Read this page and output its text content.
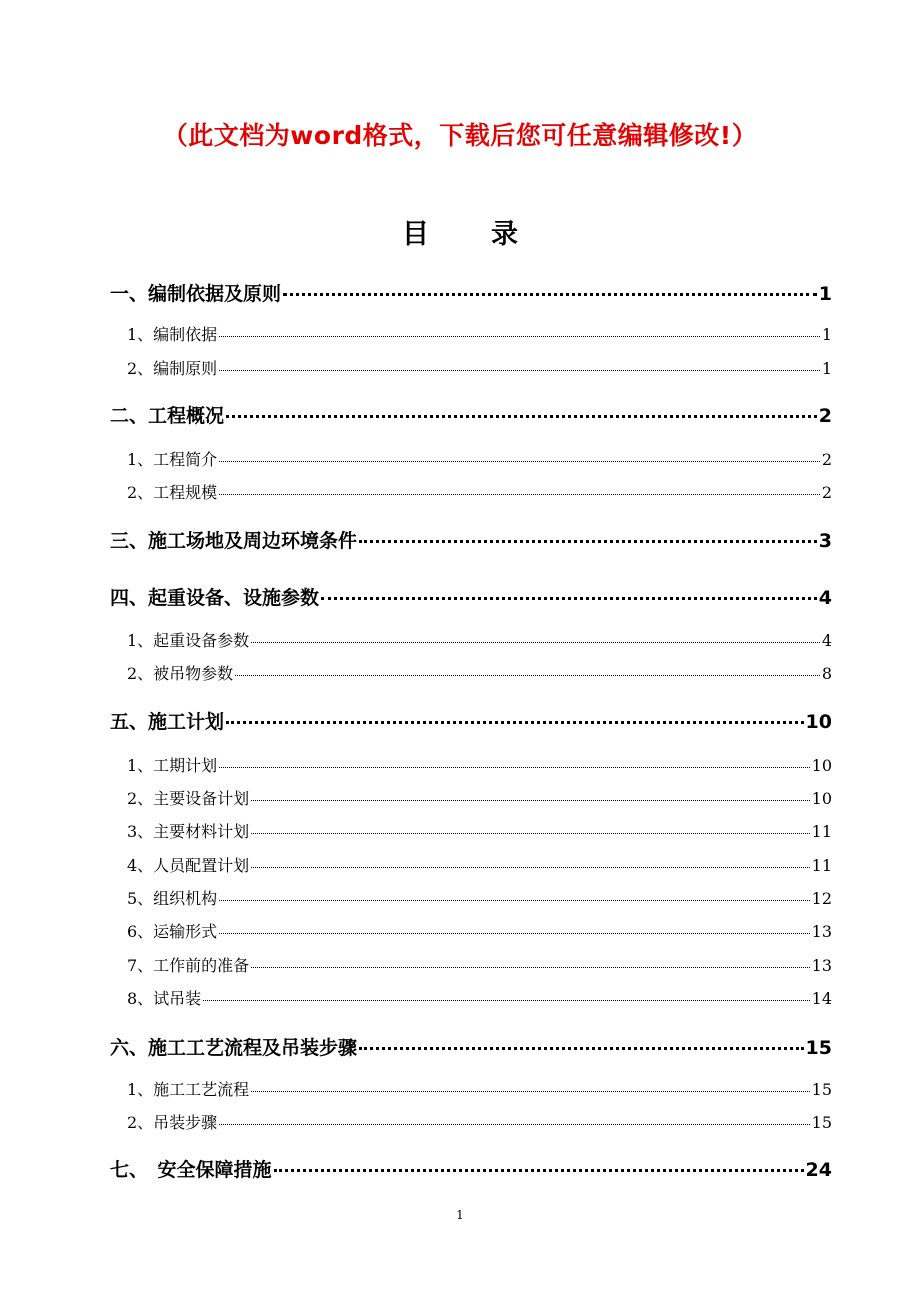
（此文档为word格式，下载后您可任意编辑修改!）
目录
一、编制依据及原则	1
1、编制依据	1
2、编制原则	1
二、工程概况	2
1、工程简介	2
2、工程规模	2
三、施工场地及周边环境条件	3
四、起重设备、设施参数	4
1、起重设备参数	4
2、被吊物参数	8
五、施工计划	10
1、工期计划	10
2、主要设备计划	10
3、主要材料计划	11
4、人员配置计划	11
5、组织机构	12
6、运输形式	13
7、工作前的准备	13
8、试吊装	14
六、施工工艺流程及吊装步骤	15
1、施工工艺流程	15
2、吊装步骤	15
七、　安全保障措施	24
1
